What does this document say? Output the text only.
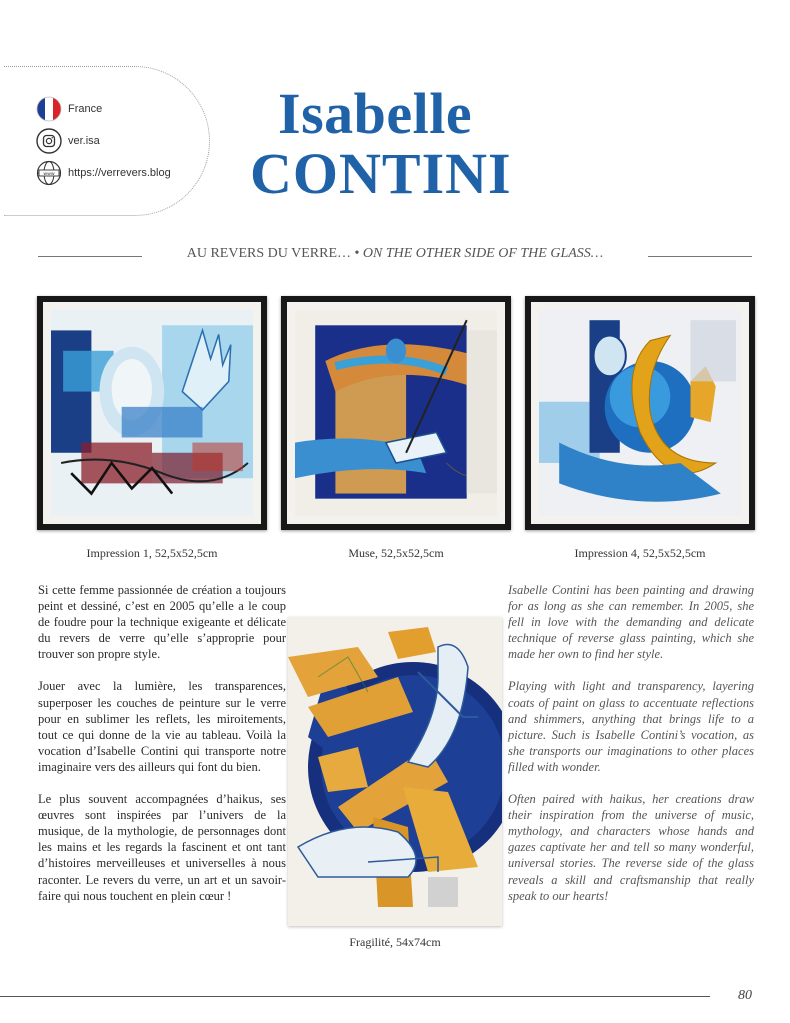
France
ver.isa
www https://verrevers.blog
Isabelle
CONTINI
AU REVERS DU VERRE… • ON THE OTHER SIDE OF THE GLASS…
Impression 1, 52,5x52,5cm	Muse, 52,5x52,5cm	Impression 4, 52,5x52,5cm

Si cette femme passionnée de création a toujours peint et dessiné, c’est en 2005 qu’elle a le coup de foudre pour la technique exigeante et délicate du revers de verre qu’elle s’approprie pour trouver son propre style.

Jouer avec la lumière, les transparences, superposer les couches de peinture sur le verre pour en sublimer les reflets, les miroitements, tout ce qui donne de la vie au tableau. Voilà la vocation d’Isabelle Contini qui transporte notre imaginaire vers des ailleurs qui font du bien.

Le plus souvent accompagnées d’haikus, ses œuvres sont inspirées par l’univers de la musique, de la mythologie, de personnages dont les mains et les regards la fascinent et ont tant d’histoires merveilleuses et universelles à nous raconter. Le revers du verre, un art et un savoir-faire qui nous touchent en plein cœur !

Fragilité, 54x74cm

Isabelle Contini has been painting and drawing for as long as she can remember. In 2005, she fell in love with the demanding and delicate technique of reverse glass painting, which she made her own to find her style.

Playing with light and transparency, layering coats of paint on glass to accentuate reflections and shimmers, anything that brings life to a picture. Such is Isabelle Contini’s vocation, as she transports our imaginations to other places filled with wonder.

Often paired with haikus, her creations draw their inspiration from the universe of music, mythology, and characters whose hands and gazes captivate her and tell so many wonderful, universal stories. The reverse side of the glass reveals a skill and craftsmanship that really speak to our hearts!

80
